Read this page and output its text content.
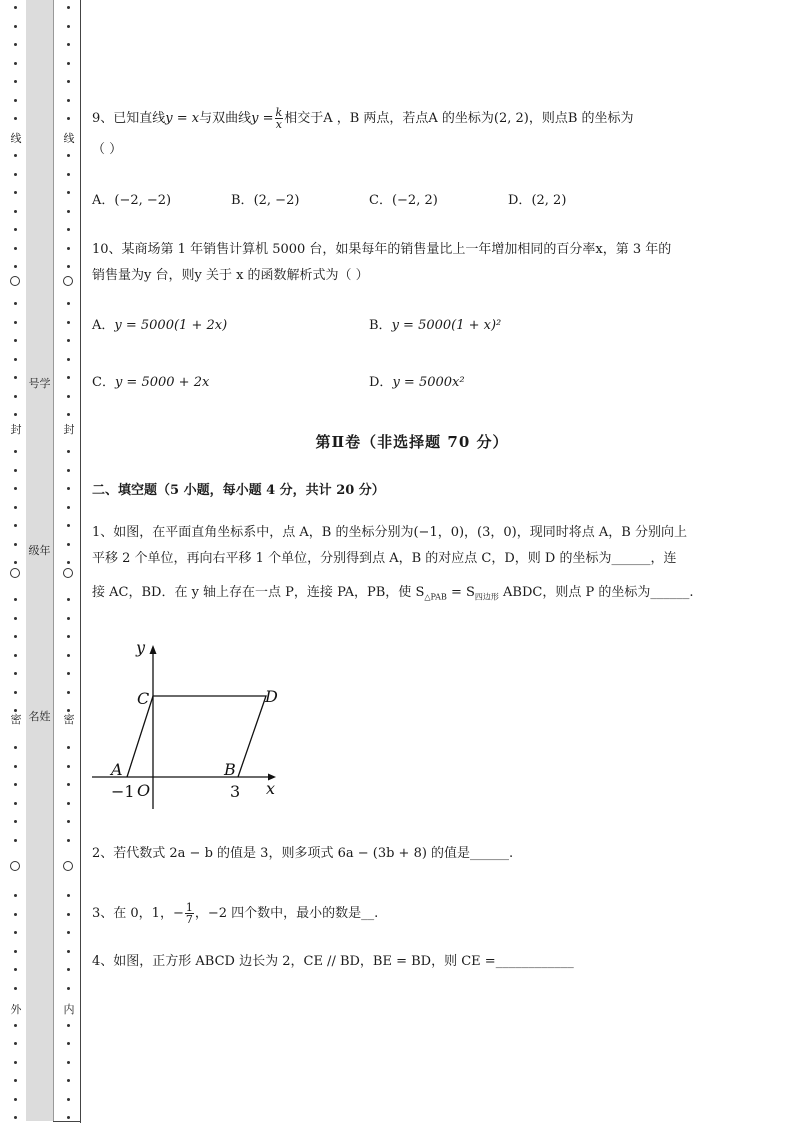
线
封
密
外
号学
级年
名姓
线
封
密
内
9、已知直线y = x与双曲线$y = \frac{k}{x}$ 相交于A ，B 两点，若点A 的坐标为(2, 2)，则点B 的坐标为
（ ）
A．(−2, −2)	B．(2, −2)	C．(−2, 2)	D．(2, 2)
10、某商场第 1 年销售计算机 5000 台，如果每年的销售量比上一年增加相同的百分率x，第 3 年的
销售量为y 台，则y 关于 x 的函数解析式为（ ）
A．y = 5000(1 + 2x)	B．y = 5000(1 + x)²
C．y = 5000 + 2x	D．y = 5000x²
第Ⅱ卷（非选择题 70 分）
二、填空题（5 小题，每小题 4 分，共计 20 分）
1、如图，在平面直角坐标系中，点 A，B 的坐标分别为(−1，0)，(3，0)，现同时将点 A，B 分别向上
平移 2 个单位，再向右平移 1 个单位，分别得到点 A，B 的对应点 C，D，则 D 的坐标为______，连
接 AC，BD．在 y 轴上存在一点 P，连接 PA，PB，使 $S_{\triangle PAB} = S_{四边形}$ ABDC，则点 P 的坐标为______.
2、若代数式 2a − b 的值是 3，则多项式 6a − (3b + 8) 的值是______.
3、在 0，1，− $\frac{1}{7}$ ，−2 四个数中，最小的数是__.
4、如图，正方形 ABCD 边长为 2，CE // BD，BE = BD，则 CE =____________
y
x
C	D
A	B
O
−1	3
